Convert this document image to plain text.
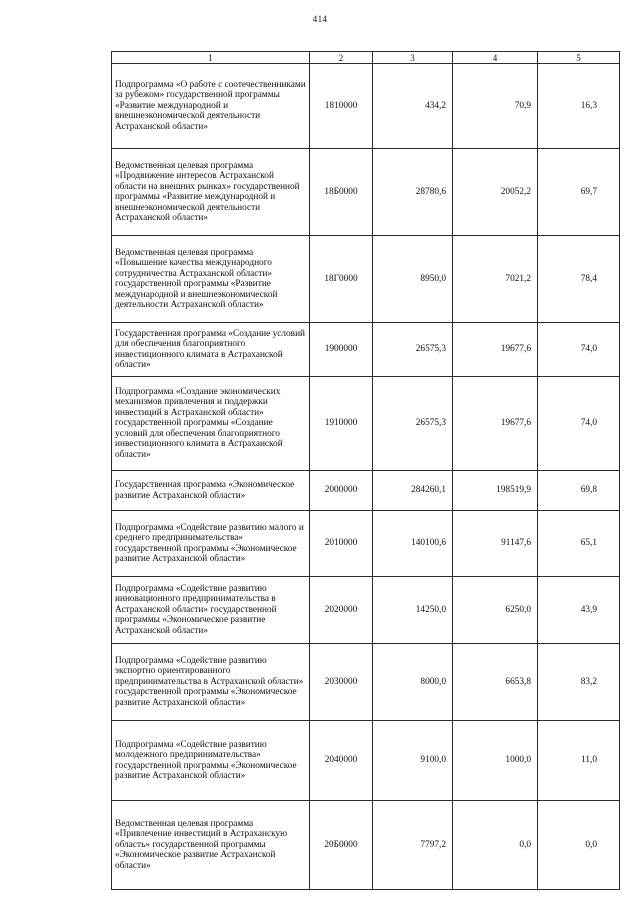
414
1	2	3	4	5
Подпрограмма «О работе с соотечественниками за рубежом» государственной программы «Развитие международной и внешнеэкономической деятельности Астраханской области»	1810000	434,2	70,9	16,3
Ведомственная целевая программа «Продвижение интересов Астраханской области на внешних рынках» государственной программы «Развитие международной и внешнеэкономической деятельности Астраханской области»	18Б0000	28780,6	20052,2	69,7
Ведомственная целевая программа «Повышение качества международного сотрудничества Астраханской области» государственной программы «Развитие международной и внешнеэкономической деятельности Астраханской области»	18Г0000	8950,0	7021,2	78,4
Государственная программа «Создание условий для обеспечения благоприятного инвестиционного климата в Астраханской области»	1900000	26575,3	19677,6	74,0
Подпрограмма «Создание экономических механизмов привлечения и поддержки инвестиций в Астраханской области» государственной программы «Создание условий для обеспечения благоприятного инвестиционного климата в Астраханской области»	1910000	26575,3	19677,6	74,0
Государственная программа «Экономическое развитие Астраханской области»	2000000	284260,1	198519,9	69,8
Подпрограмма «Содействие развитию малого и среднего предпринимательства» государственной программы «Экономическое развитие Астраханской области»	2010000	140100,6	91147,6	65,1
Подпрограмма «Содействие развитию инновационного предпринимательства в Астраханской области» государственной программы «Экономическое развитие Астраханской области»	2020000	14250,0	6250,0	43,9
Подпрограмма «Содействие развитию экспортно ориентированного предпринимательства в Астраханской области» государственной программы «Экономическое развитие Астраханской области»	2030000	8000,0	6653,8	83,2
Подпрограмма «Содействие развитию молодежного предпринимательства» государственной программы «Экономическое развитие Астраханской области»	2040000	9100,0	1000,0	11,0
Ведомственная целевая программа «Привлечение инвестиций в Астраханскую область» государственной программы «Экономическое развитие Астраханской области»	20Б0000	7797,2	0,0	0,0
